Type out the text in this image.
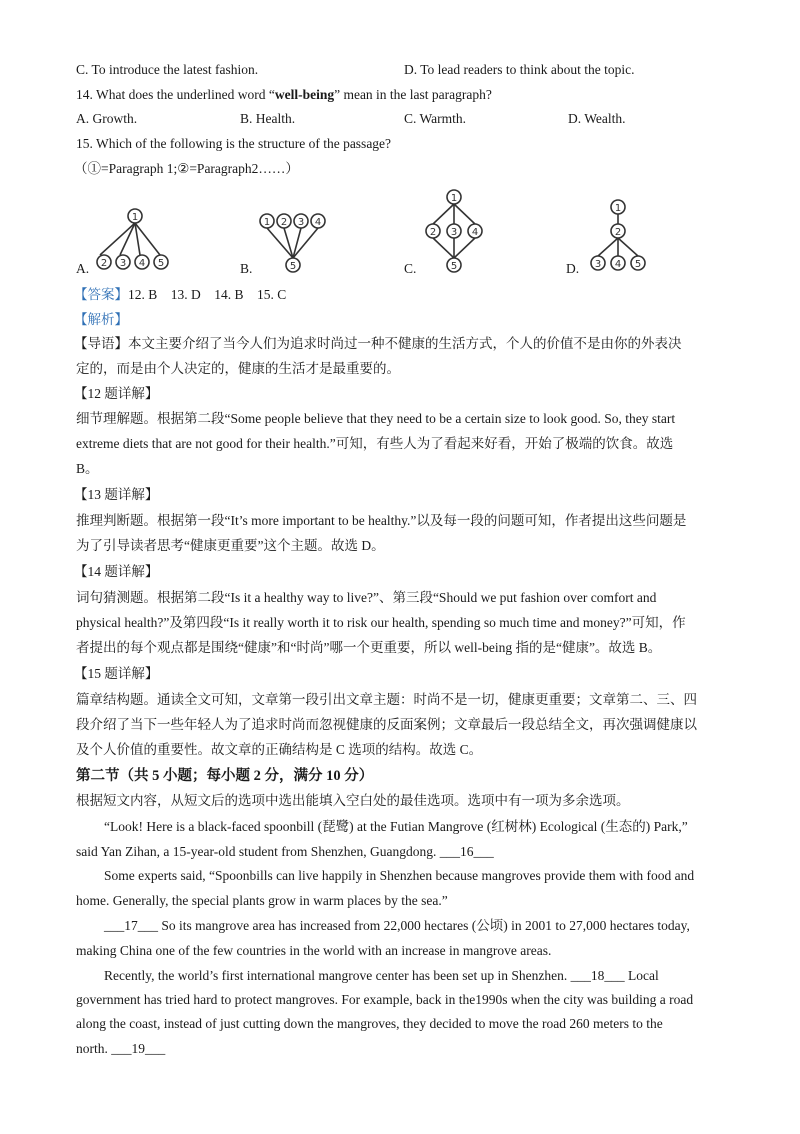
C. To introduce the latest fashion.	D. To lead readers to think about the topic.
14. What does the underlined word “well-being” mean in the last paragraph?
A. Growth.	B. Health.	C. Warmth.	D. Wealth.
15. Which of the following is the structure of the passage?
（①=Paragraph 1;②=Paragraph2……）
A.
1
2 3 4 5	B.
1 2 3 4
5	C.
1
2 3 4
5	D.
1
2
3 4 5
【答案】12. B    13. D    14. B    15. C
【解析】
【导语】本文主要介绍了当今人们为追求时尚过一种不健康的生活方式，个人的价值不是由你的外表决
定的，而是由个人决定的，健康的生活才是最重要的。
【12 题详解】
细节理解题。根据第二段“Some people believe that they need to be a certain size to look good. So, they start
extreme diets that are not good for their health.”可知，有些人为了看起来好看，开始了极端的饮食。故选
B。
【13 题详解】
推理判断题。根据第一段“It’s more important to be healthy.”以及每一段的问题可知，作者提出这些问题是
为了引导读者思考“健康更重要”这个主题。故选 D。
【14 题详解】
词句猜测题。根据第二段“Is it a healthy way to live?”、第三段“Should we put fashion over comfort and
physical health?”及第四段“Is it really worth it to risk our health, spending so much time and money?”可知，作
者提出的每个观点都是围绕“健康”和“时尚”哪一个更重要，所以 well-being 指的是“健康”。故选 B。
【15 题详解】
篇章结构题。通读全文可知，文章第一段引出文章主题：时尚不是一切，健康更重要；文章第二、三、四
段介绍了当下一些年轻人为了追求时尚而忽视健康的反面案例；文章最后一段总结全文，再次强调健康以
及个人价值的重要性。故文章的正确结构是 C 选项的结构。故选 C。
第二节（共 5 小题；每小题 2 分，满分 10 分）
根据短文内容，从短文后的选项中选出能填入空白处的最佳选项。选项中有一项为多余选项。
“Look! Here is a black-faced spoonbill (琵鹭) at the Futian Mangrove (红树林) Ecological (生态的) Park,”
said Yan Zihan, a 15-year-old student from Shenzhen, Guangdong. ___16___
Some experts said, “Spoonbills can live happily in Shenzhen because mangroves provide them with food and
home. Generally, the special plants grow in warm places by the sea.”
___17___ So its mangrove area has increased from 22,000 hectares (公顷) in 2001 to 27,000 hectares today,
making China one of the few countries in the world with an increase in mangrove areas.
Recently, the world’s first international mangrove center has been set up in Shenzhen. ___18___ Local
government has tried hard to protect mangroves. For example, back in the1990s when the city was building a road
along the coast, instead of just cutting down the mangroves, they decided to move the road 260 meters to the
north. ___19___
